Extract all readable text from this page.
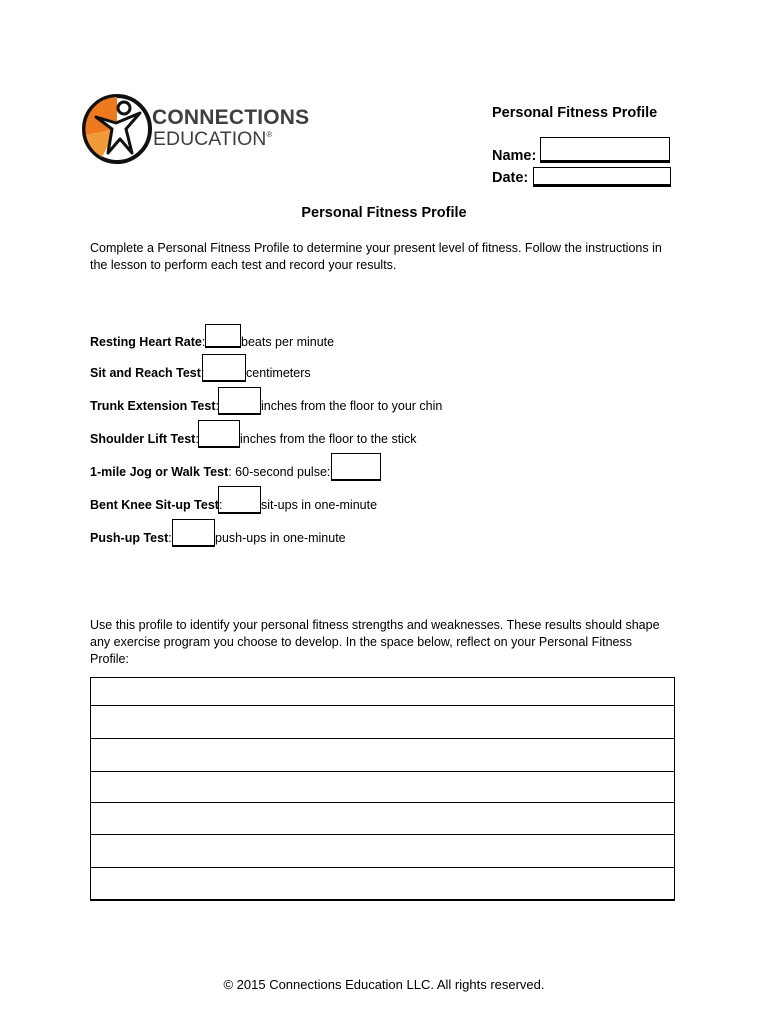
CONNECTIONS
EDUCATION®
Personal Fitness Profile
Name:
Date:
Personal Fitness Profile
Complete a Personal Fitness Profile to determine your present level of fitness. Follow the instructions in the lesson to perform each test and record your results.
Resting Heart Rate:	beats per minute
Sit and Reach Test:	centimeters
Trunk Extension Test:	inches from the floor to your chin
Shoulder Lift Test:	inches from the floor to the stick
1-mile Jog or Walk Test: 60-second pulse:
Bent Knee Sit-up Test:	sit-ups in one-minute
Push-up Test:	push-ups in one-minute
Use this profile to identify your personal fitness strengths and weaknesses. These results should shape any exercise program you choose to develop. In the space below, reflect on your Personal Fitness Profile:
© 2015 Connections Education LLC. All rights reserved.
